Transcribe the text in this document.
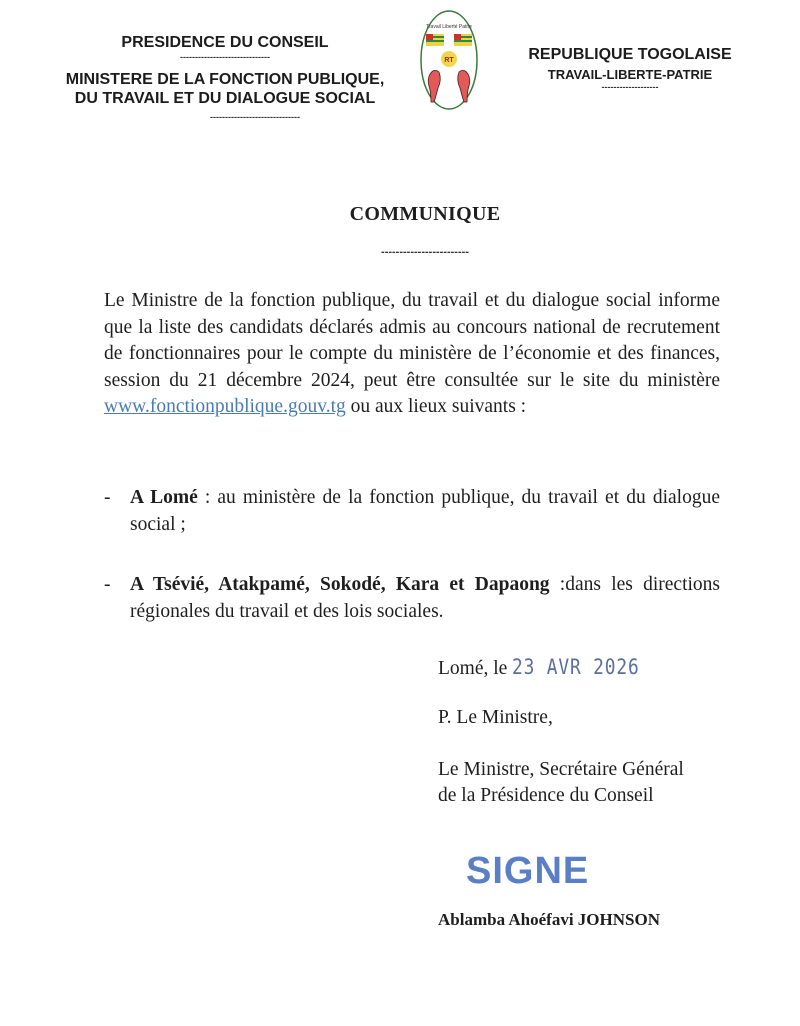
PRESIDENCE DU CONSEIL
------------------------------
MINISTERE DE LA FONCTION PUBLIQUE,
DU TRAVAIL ET DU DIALOGUE SOCIAL
------------------------------
Travail Liberté Patrie
RT	REPUBLIQUE TOGOLAISE
TRAVAIL-LIBERTE-PATRIE
-------------------
COMMUNIQUE
------------------------
Le Ministre de la fonction publique, du travail et du dialogue social informe que la liste des candidats déclarés admis au concours national de recrutement de fonctionnaires pour le compte du ministère de l’économie et des finances, session du 21 décembre 2024, peut être consultée sur le site du ministère www.fonctionpublique.gouv.tg ou aux lieux suivants :
- A Lomé : au ministère de la fonction publique, du travail et du dialogue social ;
- A Tsévié, Atakpamé, Sokodé, Kara et Dapaong :dans les directions régionales du travail et des lois sociales.
Lomé, le 23 AVR 2026
P. Le Ministre,
Le Ministre, Secrétaire Général
de la Présidence du Conseil
SIGNE
Ablamba Ahoéfavi JOHNSON
